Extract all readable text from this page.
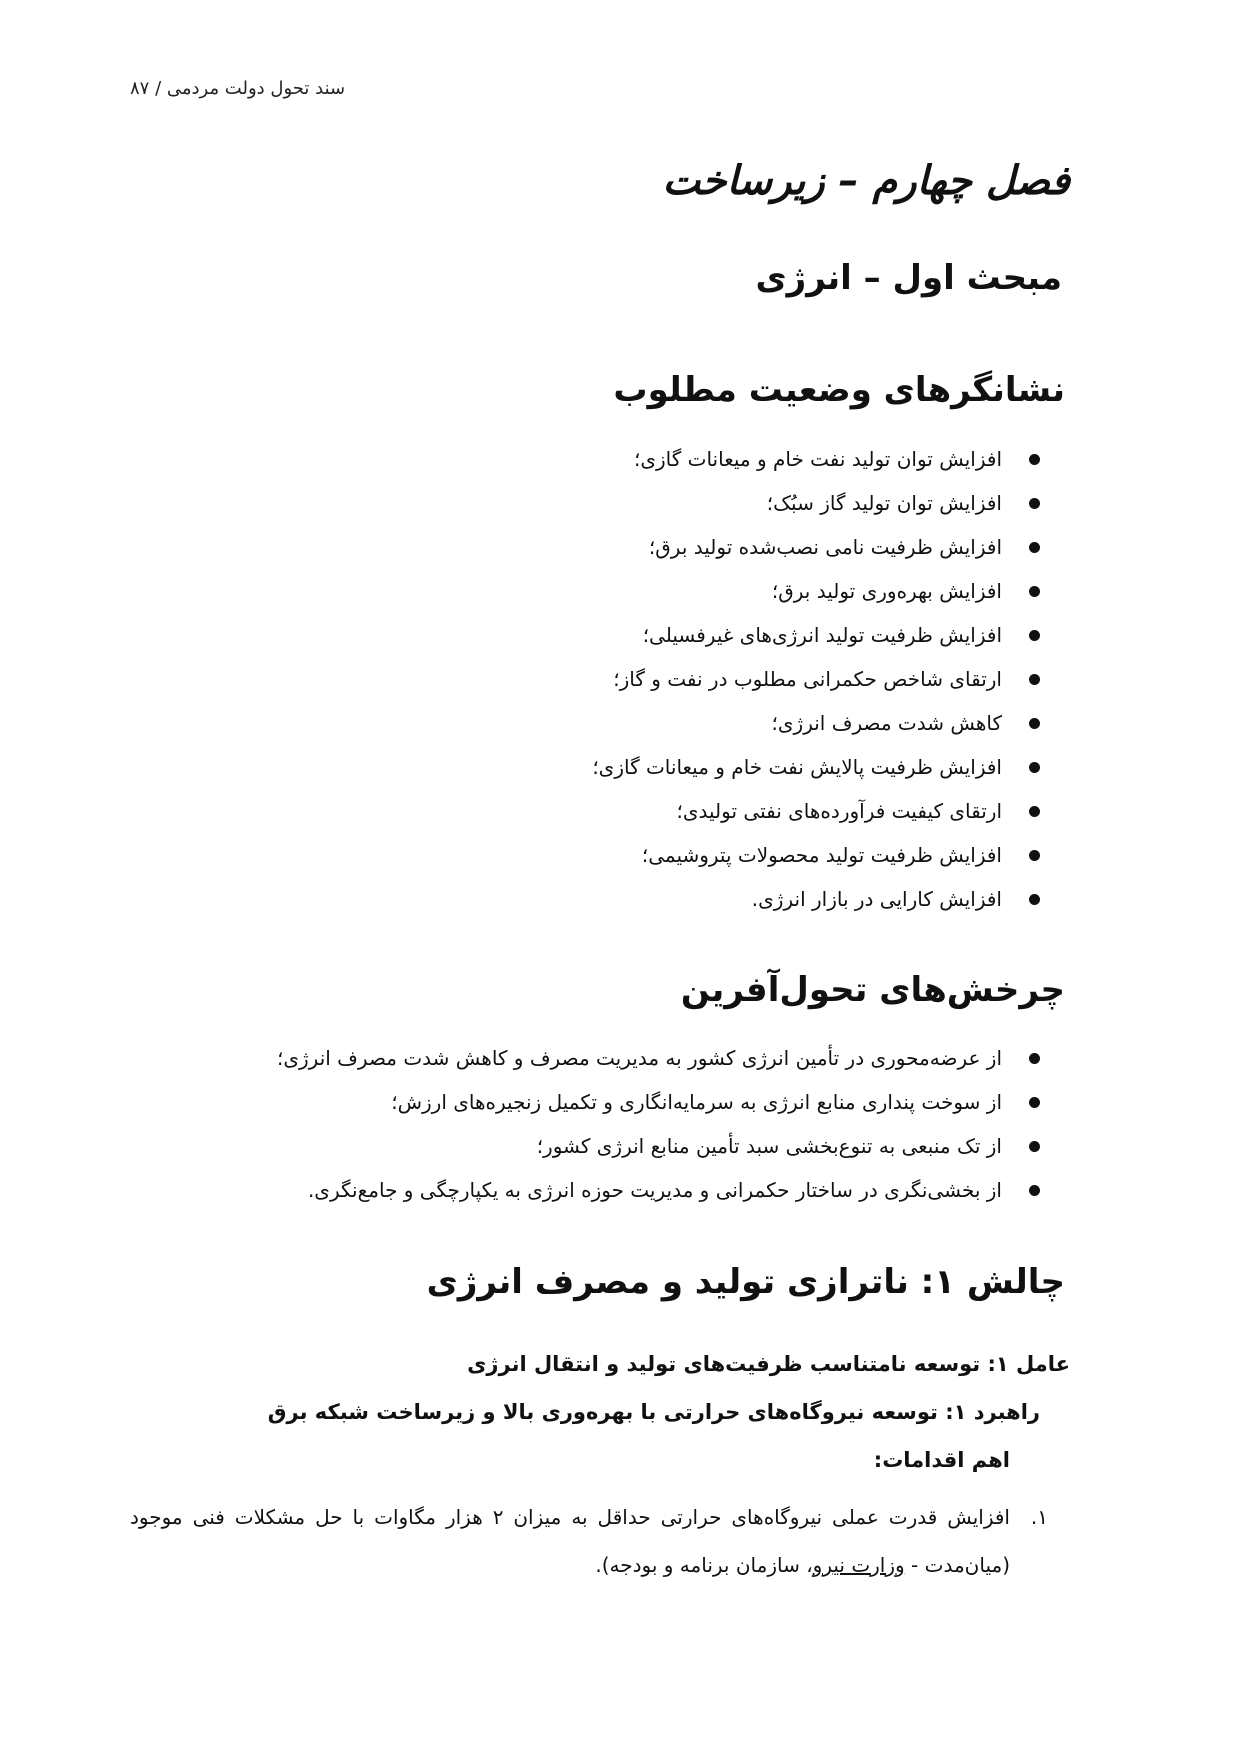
سند تحول دولت مردمی / ۸۷
فصل چهارم – زیرساخت
مبحث اول – انرژی
نشانگرهای وضعیت مطلوب
افزایش توان تولید نفت خام و میعانات گازی؛
افزایش توان تولید گاز سبُک؛
افزایش ظرفیت نامی نصب‌شده تولید برق؛
افزایش بهره‌وری تولید برق؛
افزایش ظرفیت تولید انرژی‌های غیرفسیلی؛
ارتقای شاخص حکمرانی مطلوب در نفت و گاز؛
کاهش شدت مصرف انرژی؛
افزایش ظرفیت پالایش نفت خام و میعانات گازی؛
ارتقای کیفیت فرآورده‌های نفتی تولیدی؛
افزایش ظرفیت تولید محصولات پتروشیمی؛
افزایش کارایی در بازار انرژی.
چرخش‌های تحول‌آفرین
از عرضه‌محوری در تأمین انرژی کشور به مدیریت مصرف و کاهش شدت مصرف انرژی؛
از سوخت پنداری منابع انرژی به سرمایه‌انگاری و تکمیل زنجیره‌های ارزش؛
از تک منبعی به تنوع‌بخشی سبد تأمین منابع انرژی کشور؛
از بخشی‌نگری در ساختار حکمرانی و مدیریت حوزه انرژی به یکپارچگی و جامع‌نگری.
چالش ۱: ناترازی تولید و مصرف انرژی
عامل ۱: توسعه نامتناسب ظرفیت‌های تولید و انتقال انرژی
راهبرد ۱: توسعه نیروگاه‌های حرارتی با بهره‌وری بالا و زیرساخت شبکه برق
اهم اقدامات:
۱.
افزایش قدرت عملی نیروگاه‌های حرارتی حداقل به میزان ۲ هزار مگاوات با حل مشکلات فنی موجود (میان‌مدت - وزارت نیرو، سازمان برنامه و بودجه).
